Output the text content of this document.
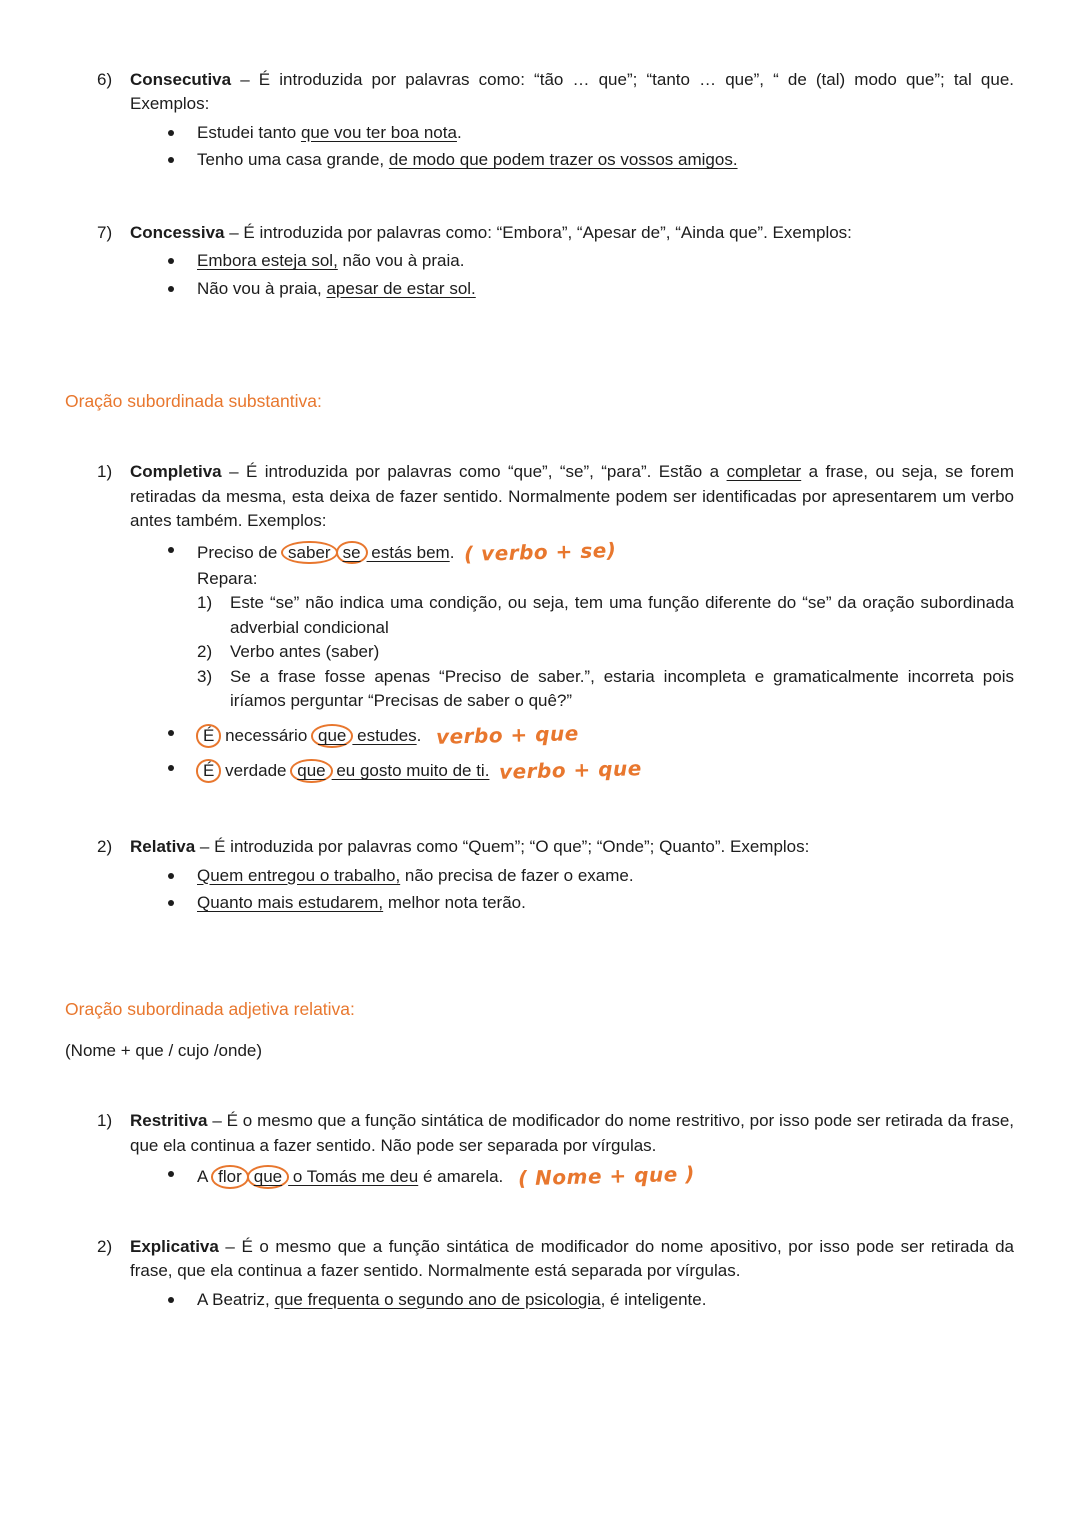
6)	Consecutiva – É introduzida por palavras como: “tão … que”; “tanto … que”, “ de (tal) modo que”; tal que. Exemplos:

Estudei tanto que vou ter boa nota.

Tenho uma casa grande, de modo que podem trazer os vossos amigos.

7)	Concessiva – É introduzida por palavras como: “Embora”, “Apesar de”, “Ainda que”. Exemplos:

Embora esteja sol, não vou à praia.

Não vou à praia, apesar de estar sol.

Oração subordinada substantiva:
1)	Completiva – É introduzida por palavras como “que”, “se”, “para”. Estão a completar a frase, ou seja, se forem retiradas da mesma, esta deixa de fazer sentido. Normalmente podem ser identificadas por apresentarem um verbo antes também. Exemplos:

Preciso de saber se estás bem. ( verbo + se)

Repara:

1)	Este “se” não indica uma condição, ou seja, tem uma função diferente do “se” da oração subordinada adverbial condicional

2)	Verbo antes (saber)

3)	Se a frase fosse apenas “Preciso de saber.”, estaria incompleta e gramaticalmente incorreta pois iríamos perguntar “Precisas de saber o quê?”

É necessário que estudes. verbo + que

É verdade que eu gosto muito de ti. verbo + que

2)	Relativa – É introduzida por palavras como “Quem”; “O que”; “Onde”; Quanto”. Exemplos:

Quem entregou o trabalho, não precisa de fazer o exame.

Quanto mais estudarem, melhor nota terão.

Oração subordinada adjetiva relativa:

(Nome + que / cujo /onde)

1)	Restritiva – É o mesmo que a função sintática de modificador do nome restritivo, por isso pode ser retirada da frase, que ela continua a fazer sentido. Não pode ser separada por vírgulas.

A flor que o Tomás me deu é amarela. ( Nome + que )

2)	Explicativa – É o mesmo que a função sintática de modificador do nome apositivo, por isso pode ser retirada da frase, que ela continua a fazer sentido. Normalmente está separada por vírgulas.

A Beatriz, que frequenta o segundo ano de psicologia, é inteligente.
